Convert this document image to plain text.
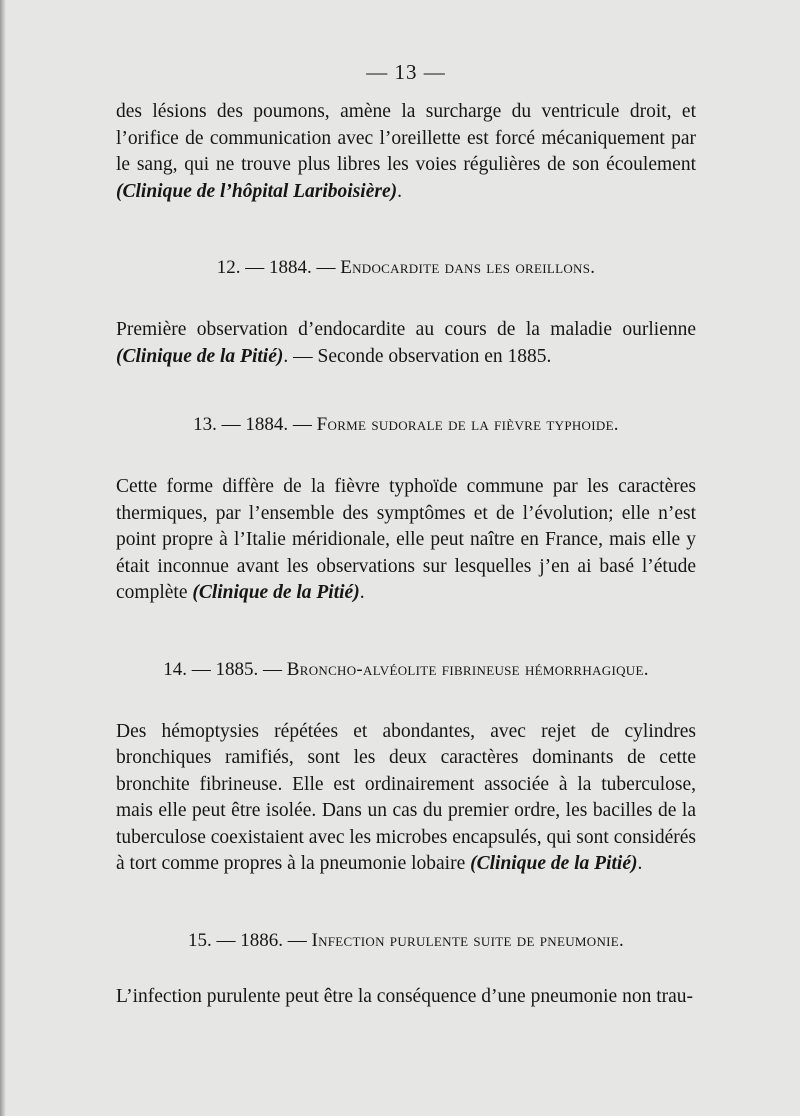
— 13 —

des lésions des poumons, amène la surcharge du ventricule droit, et l’orifice de communication avec l’oreillette est forcé mécaniquement par le sang, qui ne trouve plus libres les voies régulières de son écoulement (Clinique de l’hôpital Lariboisière).

12. — 1884. — Endocardite dans les oreillons.

Première observation d’endocardite au cours de la maladie ourlienne (Clinique de la Pitié). — Seconde observation en 1885.

13. — 1884. — Forme sudorale de la fièvre typhoide.

Cette forme diffère de la fièvre typhoïde commune par les caractères thermiques, par l’ensemble des symptômes et de l’évolution; elle n’est point propre à l’Italie méridionale, elle peut naître en France, mais elle y était inconnue avant les observations sur lesquelles j’en ai basé l’étude complète (Clinique de la Pitié).

14. — 1885. — Broncho-alvéolite fibrineuse hémorrhagique.

Des hémoptysies répétées et abondantes, avec rejet de cylindres bronchiques ramifiés, sont les deux caractères dominants de cette bronchite fibrineuse. Elle est ordinairement associée à la tuberculose, mais elle peut être isolée. Dans un cas du premier ordre, les bacilles de la tuberculose coexistaient avec les microbes encapsulés, qui sont considérés à tort comme propres à la pneumonie lobaire (Clinique de la Pitié).

15. — 1886. — Infection purulente suite de pneumonie.

L’infection purulente peut être la conséquence d’une pneumonie non trau-
